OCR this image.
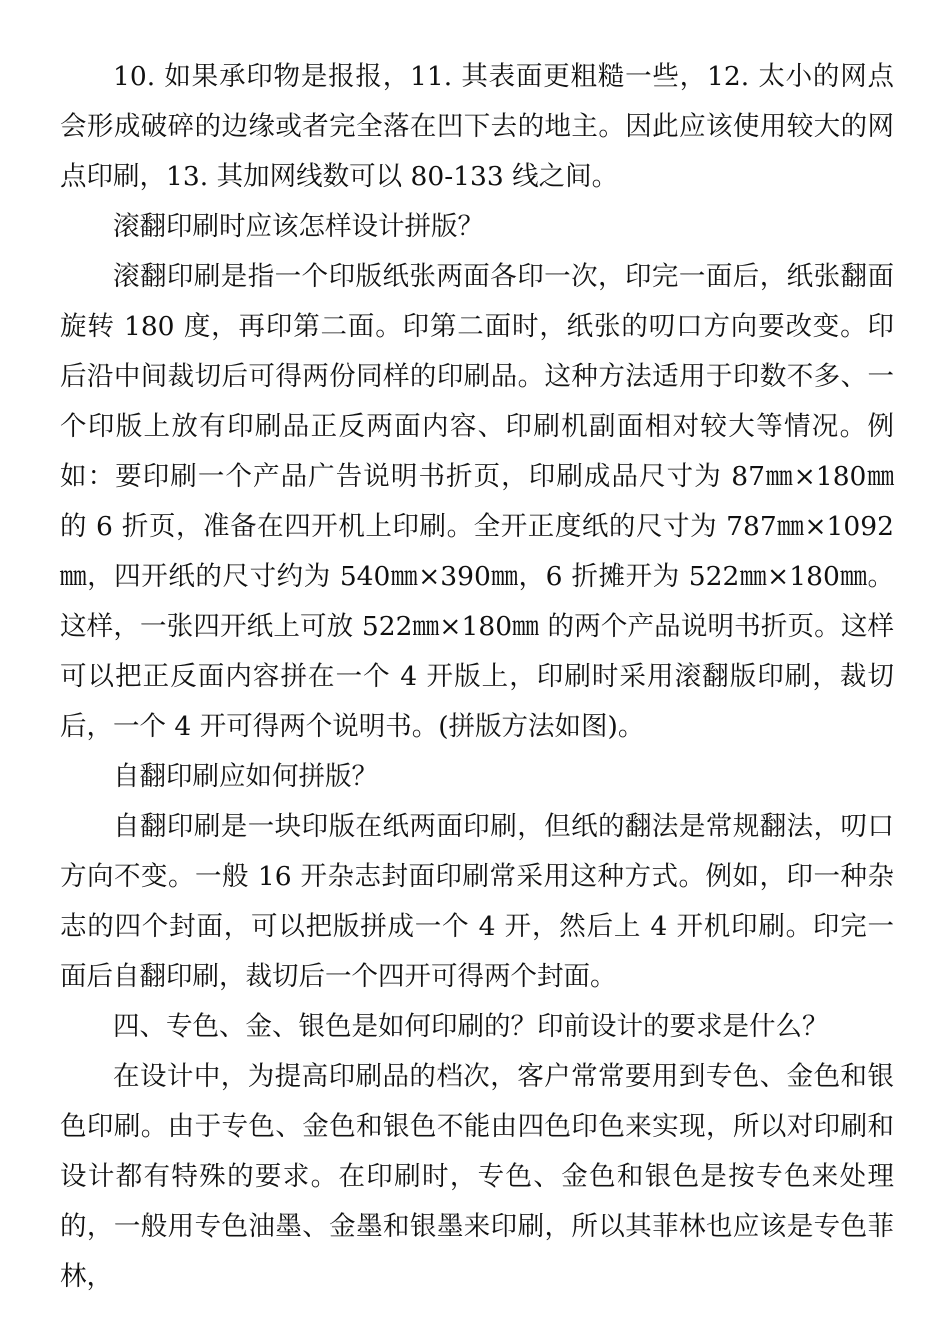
10. 如果承印物是报报，11. 其表面更粗糙一些，12. 太小的网点会形成破碎的边缘或者完全落在凹下去的地主。因此应该使用较大的网点印刷，13. 其加网线数可以 80-133 线之间。

滚翻印刷时应该怎样设计拼版？

滚翻印刷是指一个印版纸张两面各印一次，印完一面后，纸张翻面旋转 180 度，再印第二面。印第二面时，纸张的叨口方向要改变。印后沿中间裁切后可得两份同样的印刷品。这种方法适用于印数不多、一个印版上放有印刷品正反两面内容、印刷机副面相对较大等情况。例如：要印刷一个产品广告说明书折页，印刷成品尺寸为 87㎜×180㎜ 的 6 折页，准备在四开机上印刷。全开正度纸的尺寸为 787㎜×1092㎜，四开纸的尺寸约为 540㎜×390㎜，6 折摊开为 522㎜×180㎜。这样，一张四开纸上可放 522㎜×180㎜ 的两个产品说明书折页。这样可以把正反面内容拼在一个 4 开版上，印刷时采用滚翻版印刷，裁切后，一个 4 开可得两个说明书。(拼版方法如图)。

自翻印刷应如何拼版？

自翻印刷是一块印版在纸两面印刷，但纸的翻法是常规翻法，叨口方向不变。一般 16 开杂志封面印刷常采用这种方式。例如，印一种杂志的四个封面，可以把版拼成一个 4 开，然后上 4 开机印刷。印完一面后自翻印刷，裁切后一个四开可得两个封面。

四、专色、金、银色是如何印刷的？印前设计的要求是什么？

在设计中，为提高印刷品的档次，客户常常要用到专色、金色和银色印刷。由于专色、金色和银色不能由四色印色来实现，所以对印刷和设计都有特殊的要求。在印刷时，专色、金色和银色是按专色来处理的，一般用专色油墨、金墨和银墨来印刷，所以其菲林也应该是专色菲林，
